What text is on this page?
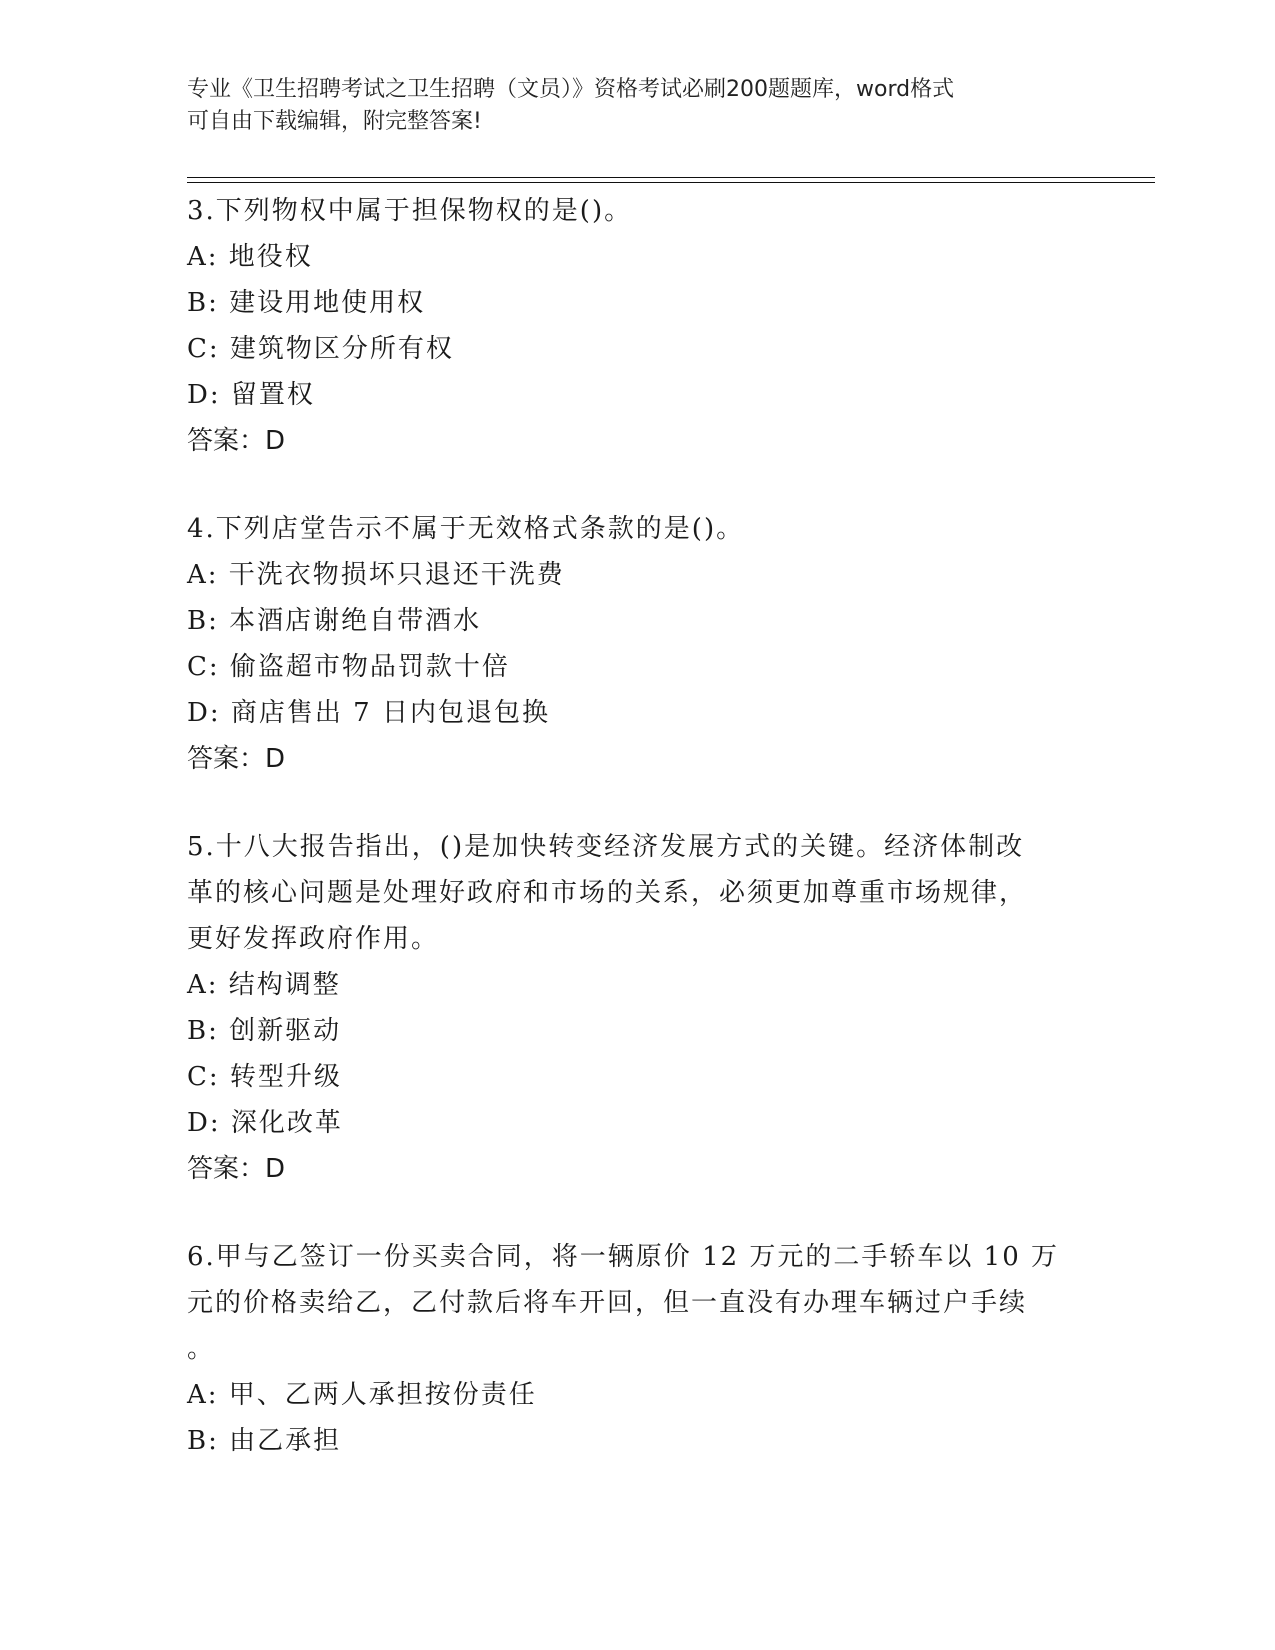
专业《卫生招聘考试之卫生招聘（文员）》资格考试必刷200题题库，word格式
可自由下载编辑，附完整答案!
3.下列物权中属于担保物权的是()。
A: 地役权
B: 建设用地使用权
C: 建筑物区分所有权
D: 留置权
答案：D
4.下列店堂告示不属于无效格式条款的是()。
A: 干洗衣物损坏只退还干洗费
B: 本酒店谢绝自带酒水
C: 偷盗超市物品罚款十倍
D: 商店售出 7 日内包退包换
答案：D
5.十八大报告指出，()是加快转变经济发展方式的关键。经济体制改
革的核心问题是处理好政府和市场的关系，必须更加尊重市场规律，
更好发挥政府作用。
A: 结构调整
B: 创新驱动
C: 转型升级
D: 深化改革
答案：D
6.甲与乙签订一份买卖合同，将一辆原价 12 万元的二手轿车以 10 万
元的价格卖给乙，乙付款后将车开回，但一直没有办理车辆过户手续
。
A: 甲、乙两人承担按份责任
B: 由乙承担
